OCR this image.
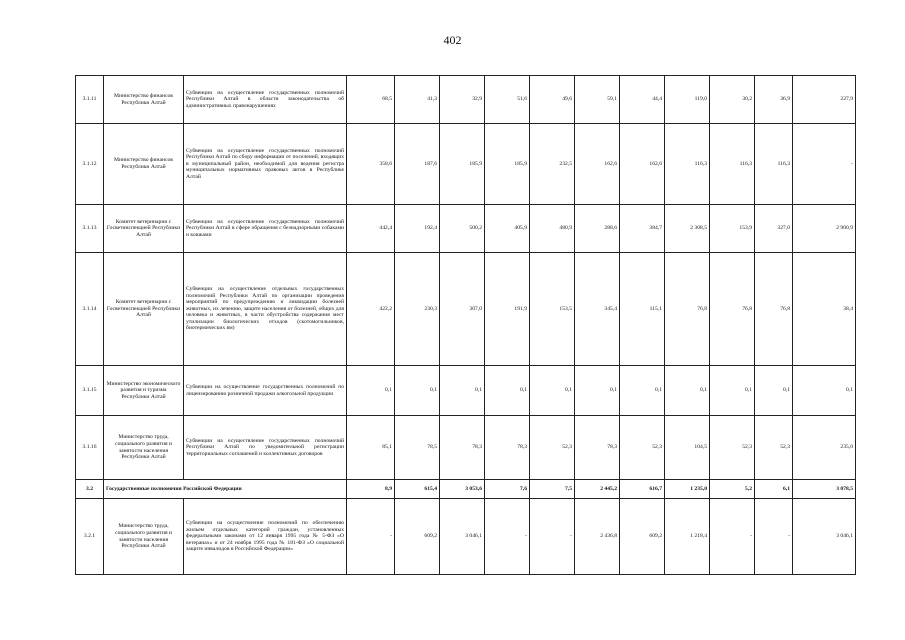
402
3.1.11	Министерство финансов Республики Алтай	Субвенции на осуществление государственных полномочий Республики Алтай в области законодательства об административных правонарушениях	68,5	41,3	32,9	51,6	49,6	59,1	44,4	119,0	30,2	36,9	227,9
3.1.12	Министерство финансов Республики Алтай	Субвенции на осуществление государственных полномочий Республики Алтай по сбору информации от поселений, входящих в муниципальный район, необходимой для ведения регистра муниципальных нормативных правовых актов в Республике Алтай	358,6	187,6	185,9	185,9	232,5	162,6	162,6	116,3	116,3	116,3	-
3.1.13	Комитет ветеринарии с Госветинспекцией Республики Алтай	Субвенции на осуществление государственных полномочий Республики Алтай в сфере обращения с безнадзорными собаками и кошками	442,4	192,4	500,2	405,9	480,9	288,6	384,7	2 308,5	153,9	327,0	2 900,9
3.1.14	Комитет ветеринарии с Госветинспекцией Республики Алтай	Субвенции на осуществление отдельных государственных полномочий Республики Алтай по организации проведения мероприятий по предупреждению и ликвидации болезней животных, их лечению, защите населения от болезней, общих для человека и животных, в части обустройства содержания мест утилизации биологических отходов (скотомогильников, биотермических ям)	422,2	230,3	307,0	191,9	153,5	345,4	115,1	76,8	76,8	76,8	38,4
3.1.15	Министерство экономического развития и туризма Республики Алтай	Субвенции на осуществление государственных полномочий по лицензированию розничной продажи алкогольной продукции	0,1	0,1	0,1	0,1	0,1	0,1	0,1	0,1	0,1	0,1	0,1
3.1.16	Министерство труда, социального развития и занятости населения Республики Алтай	Субвенции на осуществление государственных полномочий Республики Алтай по уведомительной регистрации территориальных соглашений и коллективных договоров	85,1	78,5	78,3	78,3	52,3	78,3	52,3	104,5	52,3	52,3	235,0
3.2	Государственные полномочия Российской Федерации		8,9	615,4	3 053,6	7,6	7,5	2 445,2	616,7	1 235,0	5,2	6,1	3 078,5
3.2.1	Министерство труда, социального развития и занятости населения Республики Алтай	Субвенции на осуществление полномочий по обеспечению жильем отдельных категорий граждан, установленных федеральными законами от 12 января 1995 года № 5-ФЗ «О ветеранах» и от 24 ноября 1995 года № 181-ФЗ «О социальной защите инвалидов в Российской Федерации»	-	609,2	3 046,1	-	-	2 436,8	609,2	1 218,4	-	-	3 046,1
